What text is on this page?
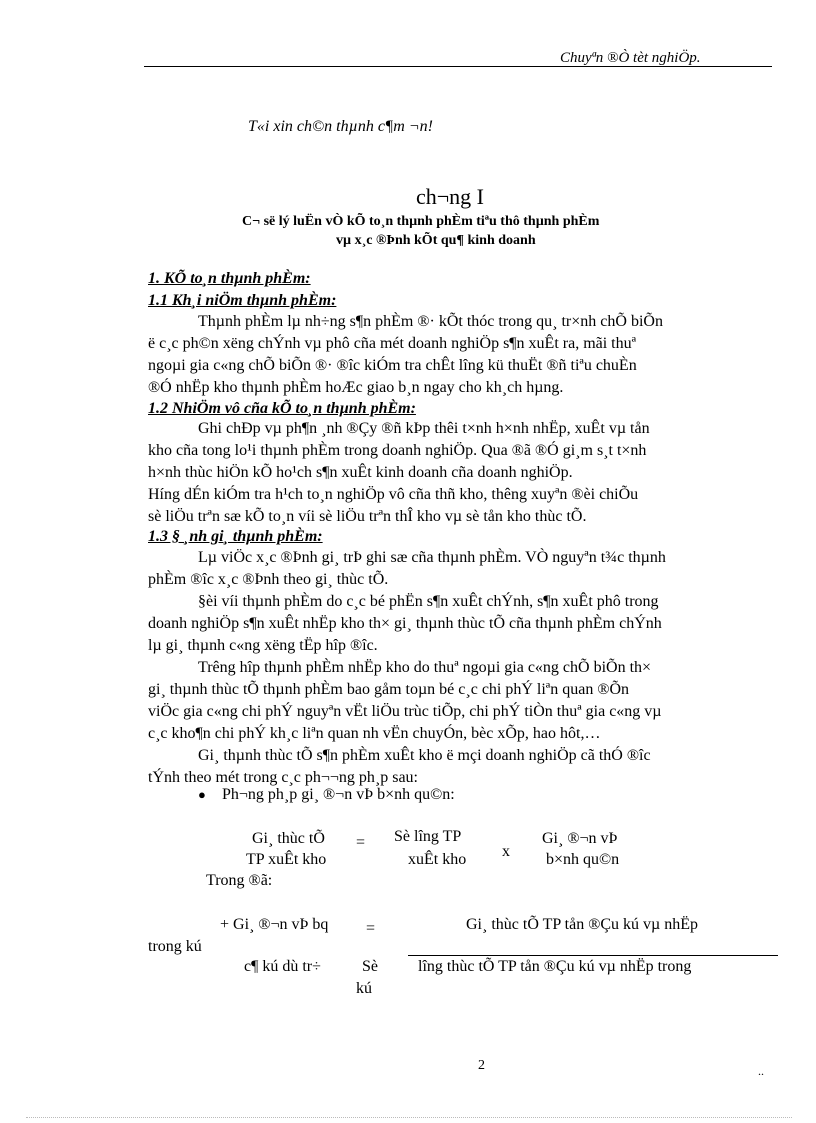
Chuyªn ®Ò tèt nghiÖp.
T«i xin ch©n thµnh c¶m ¬n!
ch¬ng I
C¬ së lý luËn vÒ kÕ to¸n thµnh phÈm tiªu thô thµnh phÈm
vµ x¸c ®Þnh kÕt qu¶ kinh doanh
1. KÕ to¸n thµnh phÈm:
1.1 Kh¸i niÖm thµnh phÈm:
Thµnh phÈm lµ nh÷ng s¶n phÈm ®· kÕt thóc trong qu¸ tr×nh chÕ biÕn
ë c¸c ph©n xëng chÝnh vµ phô cña mét doanh nghiÖp s¶n xuÊt ra, mãi thuª
ngoµi gia c«ng chÕ biÕn ®· ®îc kiÓm tra chÊt lîng kü thuËt ®ñ tiªu chuÈn
®Ó nhËp kho thµnh phÈm hoÆc giao b¸n ngay cho kh¸ch hµng.
1.2 NhiÖm vô cña kÕ to¸n thµnh phÈm:
Ghi chÐp vµ ph¶n ¸nh ®Çy ®ñ kÞp thêi t×nh h×nh nhËp, xuÊt vµ tån
kho cña tong lo¹i thµnh phÈm trong doanh nghiÖp. Qua ®ã ®Ó gi¸m s¸t t×nh
h×nh thùc hiÖn kÕ ho¹ch s¶n xuÊt kinh doanh cña doanh nghiÖp.
Híng dÉn kiÓm tra h¹ch to¸n nghiÖp vô cña thñ kho, thêng xuyªn ®èi chiÕu
sè liÖu trªn sæ kÕ to¸n víi sè liÖu trªn thÎ kho vµ sè tån kho thùc tÕ.
1.3 § ¸nh gi¸ thµnh phÈm:
Lµ viÖc x¸c ®Þnh gi¸ trÞ ghi sæ cña thµnh phÈm. VÒ nguyªn t¾c thµnh
phÈm ®îc x¸c ®Þnh theo gi¸ thùc tÕ.
§èi víi thµnh phÈm do c¸c bé phËn s¶n xuÊt chÝnh, s¶n xuÊt phô trong
doanh nghiÖp s¶n xuÊt nhËp kho th× gi¸ thµnh thùc tÕ cña thµnh phÈm chÝnh
lµ gi¸ thµnh c«ng xëng tËp hîp ®îc.
Trêng hîp thµnh phÈm nhËp kho do thuª ngoµi gia c«ng chÕ biÕn th×
gi¸ thµnh thùc tÕ thµnh phÈm bao gåm toµn bé c¸c chi phÝ liªn quan ®Õn
viÖc gia c«ng chi phÝ nguyªn vËt liÖu trùc tiÕp, chi phÝ tiÒn thuª gia c«ng vµ
c¸c kho¶n chi phÝ kh¸c liªn quan nh vËn chuyÓn, bèc xÕp, hao hôt,…
Gi¸ thµnh thùc tÕ s¶n phÈm xuÊt kho ë mçi doanh nghiÖp cã thÓ ®îc
tÝnh theo mét trong c¸c ph¬¬ng ph¸p sau:
● Ph¬ng ph¸p gi¸ ®¬n vÞ b×nh qu©n:
Gi¸ thùc tÕ
TP xuÊt kho
= Sè lîng TP
xuÊt kho x
Gi¸ ®¬n vÞ
b×nh qu©n
Trong ®ã:
+ Gi¸ ®¬n vÞ bq
trong kú
=	Gi¸ thùc tÕ TP tån ®Çu kú vµ nhËp
c¶ kú dù tr÷	Sè
kú
lîng thùc tÕ TP tån ®Çu kú vµ nhËp trong
2	..
